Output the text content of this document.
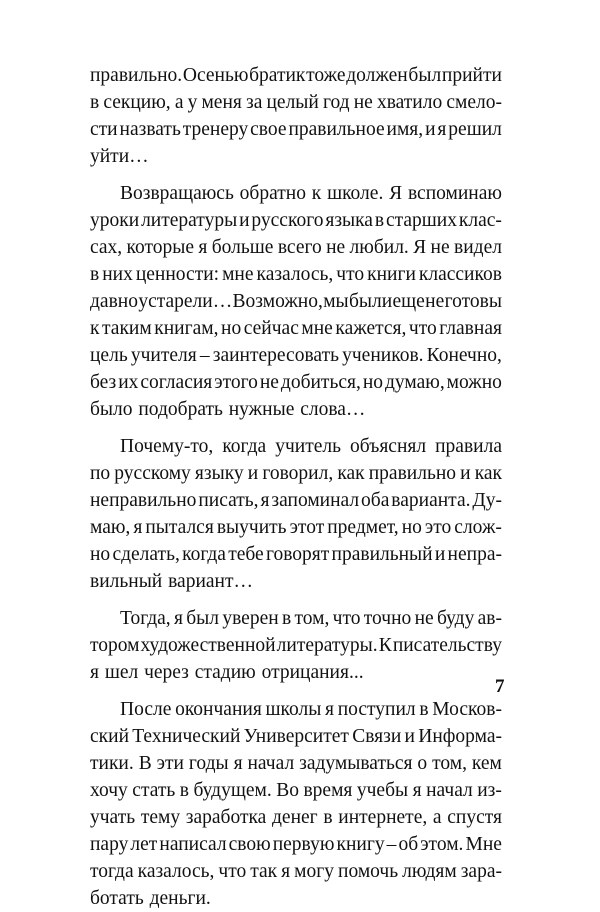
правильно. Осенью братик тоже должен был прийти
в секцию, а у меня за целый год не хватило смело-
сти назвать тренеру свое правильное имя, и я решил
уйти…
Возвращаюсь обратно к школе. Я вспоминаю
уроки литературы и русского языка в старших клас-
сах, которые я больше всего не любил. Я не видел
в них ценности: мне казалось, что книги классиков
давно устарели… Возможно, мы были еще не готовы
к таким книгам, но сейчас мне кажется, что главная
цель учителя – заинтересовать учеников. Конечно,
без их согласия этого не добиться, но думаю, можно
было подобрать нужные слова…
Почему-то, когда учитель объяснял правила
по русскому языку и говорил, как правильно и как
неправильно писать, я запоминал оба варианта. Ду-
маю, я пытался выучить этот предмет, но это слож-
но сделать, когда тебе говорят правильный и непра-
вильный вариант…
Тогда, я был уверен в том, что точно не буду ав-
тором художественной литературы. К писательству
я шел через стадию отрицания...
После окончания школы я поступил в Москов-
ский Технический Университет Связи и Информа-
тики. В эти годы я начал задумываться о том, кем
хочу стать в будущем. Во время учебы я начал из-
учать тему заработка денег в интернете, а спустя
пару лет написал свою первую книгу – об этом. Мне
тогда казалось, что так я могу помочь людям зара-
ботать деньги.
7
